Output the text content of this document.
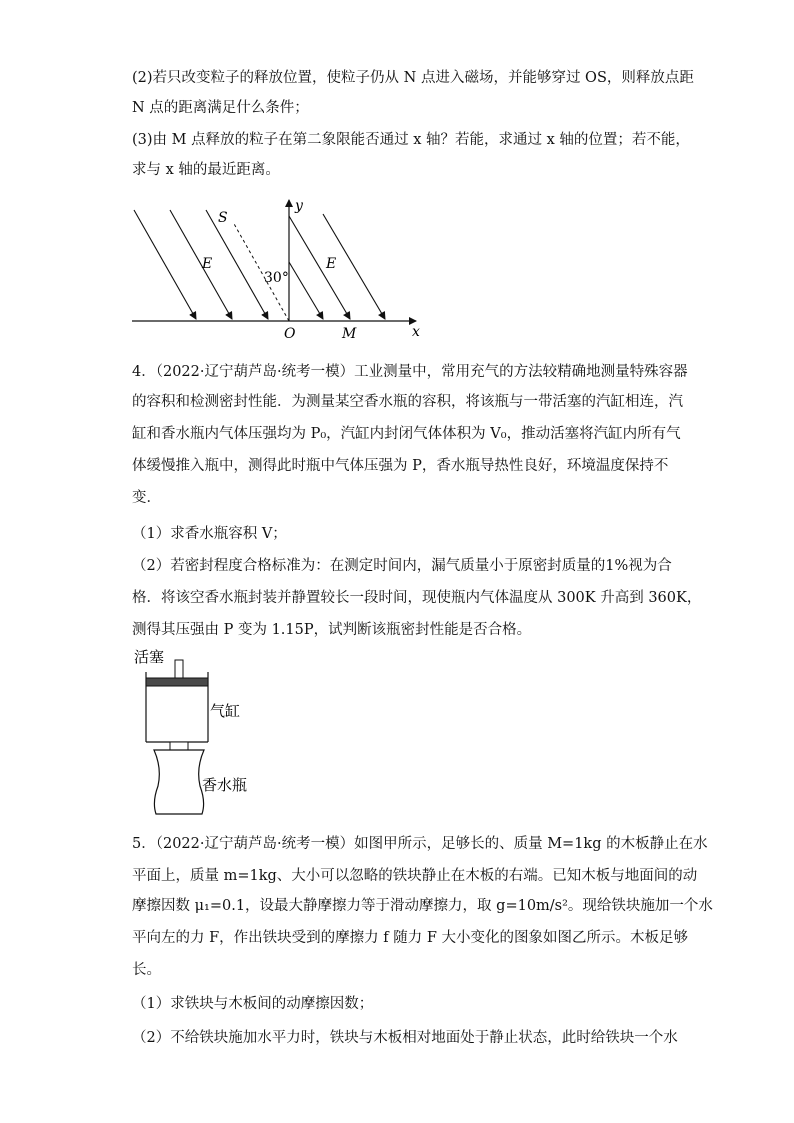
(2)若只改变粒子的释放位置，使粒子仍从 N 点进入磁场，并能够穿过 OS，则释放点距
N 点的距离满足什么条件；
(3)由 M 点释放的粒子在第二象限能否通过 x 轴？若能，求通过 x 轴的位置；若不能，
求与 x 轴的最近距离。
S
y
E	E
30°
O	M	x
4．（2022·辽宁葫芦岛·统考一模）工业测量中，常用充气的方法较精确地测量特殊容器
的容积和检测密封性能．为测量某空香水瓶的容积，将该瓶与一带活塞的汽缸相连，汽
缸和香水瓶内气体压强均为 P₀，汽缸内封闭气体体积为 V₀，推动活塞将汽缸内所有气
体缓慢推入瓶中，测得此时瓶中气体压强为 P，香水瓶导热性良好，环境温度保持不
变．
（1）求香水瓶容积 V；
（2）若密封程度合格标准为：在测定时间内，漏气质量小于原密封质量的1%视为合
格．将该空香水瓶封装并静置较长一段时间，现使瓶内气体温度从 300K 升高到 360K，
测得其压强由 P 变为 1.15P，试判断该瓶密封性能是否合格。
活塞
气缸
香水瓶
5．（2022·辽宁葫芦岛·统考一模）如图甲所示，足够长的、质量 M=1kg 的木板静止在水
平面上，质量 m=1kg、大小可以忽略的铁块静止在木板的右端。已知木板与地面间的动
摩擦因数 μ₁=0.1，设最大静摩擦力等于滑动摩擦力，取 g=10m/s²。现给铁块施加一个水
平向左的力 F，作出铁块受到的摩擦力 f 随力 F 大小变化的图象如图乙所示。木板足够
长。
（1）求铁块与木板间的动摩擦因数；
（2）不给铁块施加水平力时，铁块与木板相对地面处于静止状态，此时给铁块一个水
